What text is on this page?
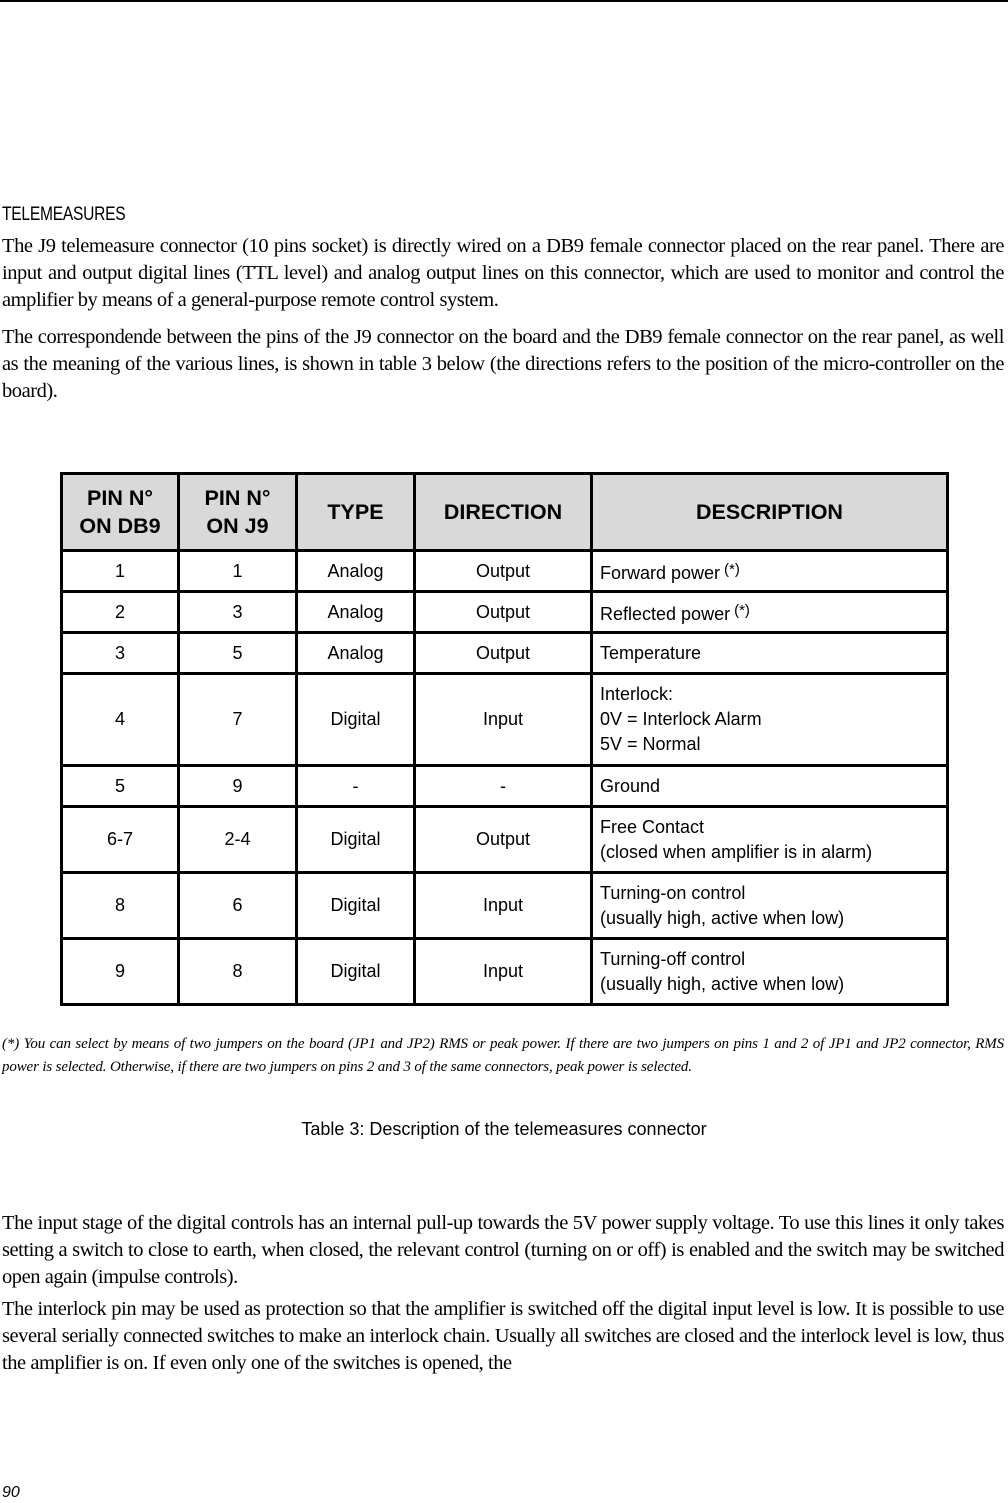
TELEMEASURES

The J9 telemeasure connector (10 pins socket) is directly wired on a DB9 female connector placed on the rear panel. There are input and output digital lines (TTL level) and analog output lines on this connector, which are used to monitor and control the amplifier by means of a general-purpose remote control system.

The correspondende between the pins of the J9 connector on the board and the DB9 female connector on the rear panel, as well as the meaning of the various lines, is shown in table 3 below (the directions refers to the position of the micro-controller on the board).

PIN N°
ON DB9	PIN N°
ON J9	TYPE	DIRECTION	DESCRIPTION
1	1	Analog	Output	Forward power (*)
2	3	Analog	Output	Reflected power (*)
3	5	Analog	Output	Temperature
4	7	Digital	Input	Interlock:
0V = Interlock Alarm
5V = Normal
5	9	-	-	Ground
6-7	2-4	Digital	Output	Free Contact
(closed when amplifier is in alarm)
8	6	Digital	Input	Turning-on control
(usually high, active when low)
9	8	Digital	Input	Turning-off control
(usually high, active when low)

(*) You can select by means of two jumpers on the board (JP1 and JP2) RMS or peak power. If there are two jumpers on pins 1 and 2 of JP1 and JP2 connector, RMS power is selected. Otherwise, if there are two jumpers on pins 2 and 3 of the same connectors, peak power is selected.

Table 3: Description of the telemeasures connector

The input stage of the digital controls has an internal pull-up towards the 5V power supply voltage. To use this lines it only takes setting a switch to close to earth, when closed, the relevant control (turning on or off) is enabled and the switch may be switched open again (impulse controls).

The interlock pin may be used as protection so that the amplifier is switched off the digital input level is low. It is possible to use several serially connected switches to make an interlock chain. Usually all switches are closed and the interlock level is low, thus the amplifier is on. If even only one of the switches is opened, the

90
